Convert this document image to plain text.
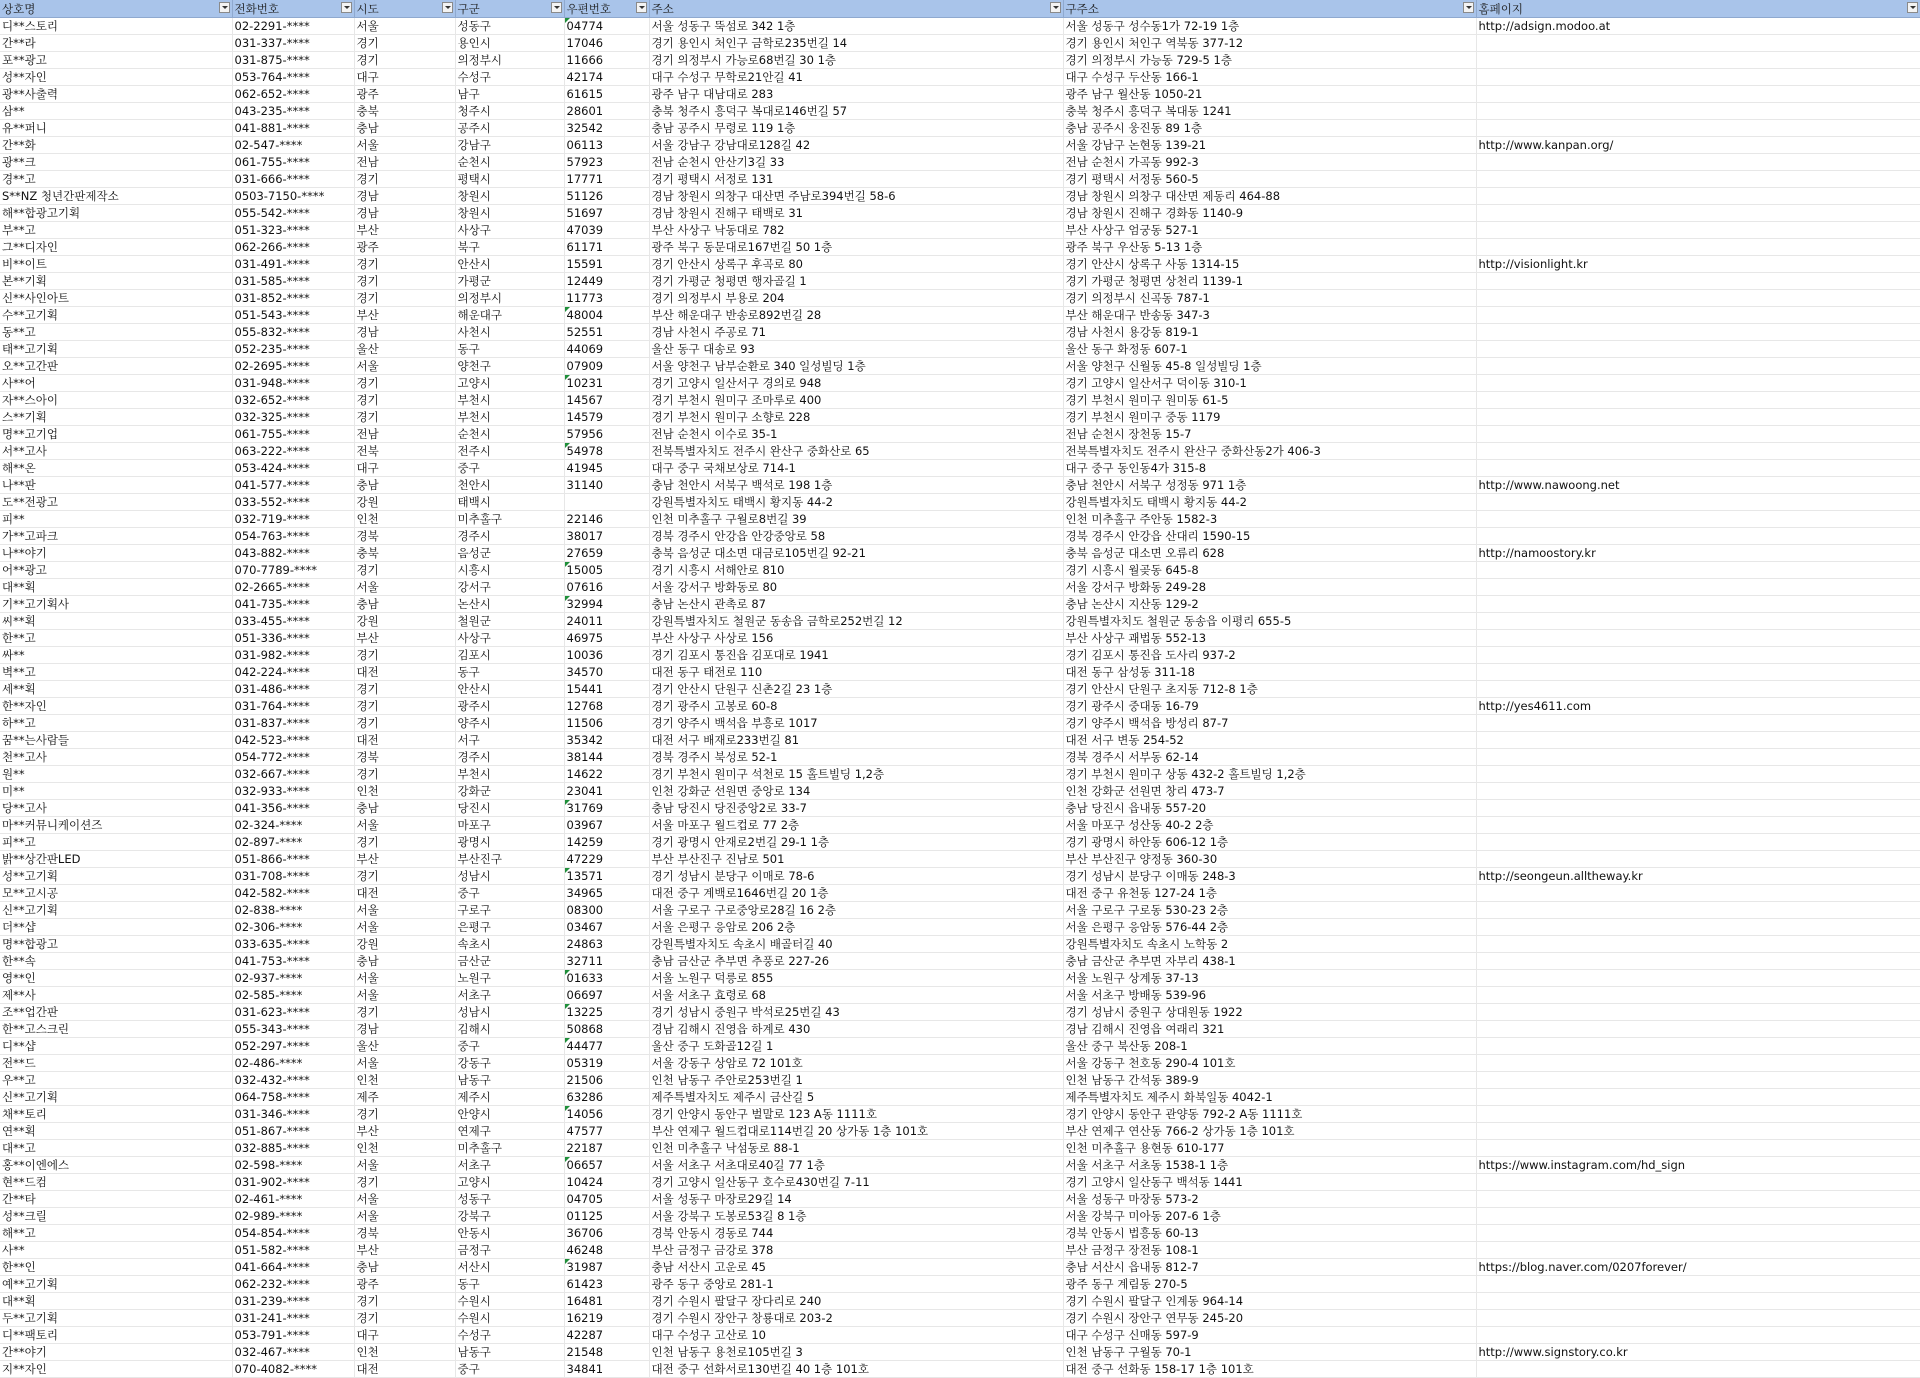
상호명	전화번호	시도	구군	우편번호	주소	구주소	홈페이지

디**스토리	02-2291-****	서울	성동구	04774	서울 성동구 뚝섬로 342 1층	서울 성동구 성수동1가 72-19 1층	http://adsign.modoo.at
간**라	031-337-****	경기	용인시	17046	경기 용인시 처인구 금학로235번길 14	경기 용인시 처인구 역북동 377-12	
포**광고	031-875-****	경기	의정부시	11666	경기 의정부시 가능로68번길 30 1층	경기 의정부시 가능동 729-5 1층	
성**자인	053-764-****	대구	수성구	42174	대구 수성구 무학로21안길 41	대구 수성구 두산동 166-1	
광**사출력	062-652-****	광주	남구	61615	광주 남구 대남대로 283	광주 남구 월산동 1050-21	
삼**	043-235-****	충북	청주시	28601	충북 청주시 흥덕구 복대로146번길 57	충북 청주시 흥덕구 복대동 1241	
유**퍼니	041-881-****	충남	공주시	32542	충남 공주시 무령로 119 1층	충남 공주시 웅진동 89 1층	
간**화	02-547-****	서울	강남구	06113	서울 강남구 강남대로128길 42	서울 강남구 논현동 139-21	http://www.kanpan.org/
광**크	061-755-****	전남	순천시	57923	전남 순천시 안산기3길 33	전남 순천시 가곡동 992-3	
경**고	031-666-****	경기	평택시	17771	경기 평택시 서정로 131	경기 평택시 서정동 560-5	
S**NZ 청년간판제작소	0503-7150-****	경남	창원시	51126	경남 창원시 의창구 대산면 주남로394번길 58-6	경남 창원시 의창구 대산면 제동리 464-88	
해**합광고기획	055-542-****	경남	창원시	51697	경남 창원시 진해구 태백로 31	경남 창원시 진해구 경화동 1140-9	
부**고	051-323-****	부산	사상구	47039	부산 사상구 낙동대로 782	부산 사상구 엄궁동 527-1	
그**디자인	062-266-****	광주	북구	61171	광주 북구 동문대로167번길 50 1층	광주 북구 우산동 5-13 1층	
비**이트	031-491-****	경기	안산시	15591	경기 안산시 상록구 후곡로 80	경기 안산시 상록구 사동 1314-15	http://visionlight.kr
본**기획	031-585-****	경기	가평군	12449	경기 가평군 청평면 행자골길 1	경기 가평군 청평면 상천리 1139-1	
신**사인아트	031-852-****	경기	의정부시	11773	경기 의정부시 부용로 204	경기 의정부시 신곡동 787-1	
수**고기획	051-543-****	부산	해운대구	48004	부산 해운대구 반송로892번길 28	부산 해운대구 반송동 347-3	
동**고	055-832-****	경남	사천시	52551	경남 사천시 주공로 71	경남 사천시 용강동 819-1	
태**고기획	052-235-****	울산	동구	44069	울산 동구 대송로 93	울산 동구 화정동 607-1	
오**고간판	02-2695-****	서울	양천구	07909	서울 양천구 남부순환로 340 일성빌딩 1층	서울 양천구 신월동 45-8 일성빌딩 1층	
사**어	031-948-****	경기	고양시	10231	경기 고양시 일산서구 경의로 948	경기 고양시 일산서구 덕이동 310-1	
자**스아이	032-652-****	경기	부천시	14567	경기 부천시 원미구 조마루로 400	경기 부천시 원미구 원미동 61-5	
스**기획	032-325-****	경기	부천시	14579	경기 부천시 원미구 소향로 228	경기 부천시 원미구 중동 1179	
명**고기업	061-755-****	전남	순천시	57956	전남 순천시 이수로 35-1	전남 순천시 장천동 15-7	
서**고사	063-222-****	전북	전주시	54978	전북특별자치도 전주시 완산구 중화산로 65	전북특별자치도 전주시 완산구 중화산동2가 406-3	
해**온	053-424-****	대구	중구	41945	대구 중구 국채보상로 714-1	대구 중구 동인동4가 315-8	
나**판	041-577-****	충남	천안시	31140	충남 천안시 서북구 백석로 198 1층	충남 천안시 서북구 성정동 971 1층	http://www.nawoong.net
도**전광고	033-552-****	강원	태백시		강원특별자치도 태백시 황지동 44-2	강원특별자치도 태백시 황지동 44-2	
피**	032-719-****	인천	미추홀구	22146	인천 미추홀구 구월로8번길 39	인천 미추홀구 주안동 1582-3	
가**고파크	054-763-****	경북	경주시	38017	경북 경주시 안강읍 안강중앙로 58	경북 경주시 안강읍 산대리 1590-15	
나**야기	043-882-****	충북	음성군	27659	충북 음성군 대소면 대금로105번길 92-21	충북 음성군 대소면 오류리 628	http://namoostory.kr
어**광고	070-7789-****	경기	시흥시	15005	경기 시흥시 서해안로 810	경기 시흥시 월곶동 645-8	
대**획	02-2665-****	서울	강서구	07616	서울 강서구 방화동로 80	서울 강서구 방화동 249-28	
기**고기획사	041-735-****	충남	논산시	32994	충남 논산시 관촉로 87	충남 논산시 지산동 129-2	
씨**획	033-455-****	강원	철원군	24011	강원특별자치도 철원군 동송읍 금학로252번길 12	강원특별자치도 철원군 동송읍 이평리 655-5	
한**고	051-336-****	부산	사상구	46975	부산 사상구 사상로 156	부산 사상구 괘법동 552-13	
싸**	031-982-****	경기	김포시	10036	경기 김포시 통진읍 김포대로 1941	경기 김포시 통진읍 도사리 937-2	
벽**고	042-224-****	대전	동구	34570	대전 동구 태전로 110	대전 동구 삼성동 311-18	
세**획	031-486-****	경기	안산시	15441	경기 안산시 단원구 신촌2길 23 1층	경기 안산시 단원구 초지동 712-8 1층	
한**자인	031-764-****	경기	광주시	12768	경기 광주시 고봉로 60-8	경기 광주시 중대동 16-79	http://yes4611.com
하**고	031-837-****	경기	양주시	11506	경기 양주시 백석읍 부흥로 1017	경기 양주시 백석읍 방성리 87-7	
꿈**는사람들	042-523-****	대전	서구	35342	대전 서구 배재로233번길 81	대전 서구 변동 254-52	
천**고사	054-772-****	경북	경주시	38144	경북 경주시 북성로 52-1	경북 경주시 서부동 62-14	
원**	032-667-****	경기	부천시	14622	경기 부천시 원미구 석천로 15 홀트빌딩 1,2층	경기 부천시 원미구 상동 432-2 홀트빌딩 1,2층	
미**	032-933-****	인천	강화군	23041	인천 강화군 선원면 중앙로 134	인천 강화군 선원면 창리 473-7	
당**고사	041-356-****	충남	당진시	31769	충남 당진시 당진중앙2로 33-7	충남 당진시 읍내동 557-20	
마**커뮤니케이션즈	02-324-****	서울	마포구	03967	서울 마포구 월드컵로 77 2층	서울 마포구 성산동 40-2 2층	
피**고	02-897-****	경기	광명시	14259	경기 광명시 안재로2번길 29-1 1층	경기 광명시 하안동 606-12 1층	
밝**상간판LED	051-866-****	부산	부산진구	47229	부산 부산진구 진남로 501	부산 부산진구 양정동 360-30	
성**고기획	031-708-****	경기	성남시	13571	경기 성남시 분당구 이매로 78-6	경기 성남시 분당구 이매동 248-3	http://seongeun.alltheway.kr
모**고시공	042-582-****	대전	중구	34965	대전 중구 계백로1646번길 20 1층	대전 중구 유천동 127-24 1층	
신**고기획	02-838-****	서울	구로구	08300	서울 구로구 구로중앙로28길 16 2층	서울 구로구 구로동 530-23 2층	
더**샵	02-306-****	서울	은평구	03467	서울 은평구 응암로 206 2층	서울 은평구 응암동 576-44 2층	
명**합광고	033-635-****	강원	속초시	24863	강원특별자치도 속초시 배골터길 40	강원특별자치도 속초시 노학동 2	
한**속	041-753-****	충남	금산군	32711	충남 금산군 추부면 추풍로 227-26	충남 금산군 추부면 자부리 438-1	
영**인	02-937-****	서울	노원구	01633	서울 노원구 덕릉로 855	서울 노원구 상계동 37-13	
제**사	02-585-****	서울	서초구	06697	서울 서초구 효령로 68	서울 서초구 방배동 539-96	
조**업간판	031-623-****	경기	성남시	13225	경기 성남시 중원구 박석로25번길 43	경기 성남시 중원구 상대원동 1922	
한**고스크린	055-343-****	경남	김해시	50868	경남 김해시 진영읍 하계로 430	경남 김해시 진영읍 여래리 321	
디**샵	052-297-****	울산	중구	44477	울산 중구 도화골12길 1	울산 중구 북산동 208-1	
전**드	02-486-****	서울	강동구	05319	서울 강동구 상암로 72 101호	서울 강동구 천호동 290-4 101호	
우**고	032-432-****	인천	남동구	21506	인천 남동구 주안로253번길 1	인천 남동구 간석동 389-9	
신**고기획	064-758-****	제주	제주시	63286	제주특별자치도 제주시 금산길 5	제주특별자치도 제주시 화북일동 4042-1	
채**토리	031-346-****	경기	안양시	14056	경기 안양시 동안구 벌말로 123 A동 1111호	경기 안양시 동안구 관양동 792-2 A동 1111호	
연**획	051-867-****	부산	연제구	47577	부산 연제구 월드컵대로114번길 20 상가동 1층 101호	부산 연제구 연산동 766-2 상가동 1층 101호	
대**고	032-885-****	인천	미추홀구	22187	인천 미추홀구 낙섬동로 88-1	인천 미추홀구 용현동 610-177	
홍**이엔에스	02-598-****	서울	서초구	06657	서울 서초구 서초대로40길 77 1층	서울 서초구 서초동 1538-1 1층	https://www.instagram.com/hd_sign
현**드컴	031-902-****	경기	고양시	10424	경기 고양시 일산동구 호수로430번길 7-11	경기 고양시 일산동구 백석동 1441	
간**타	02-461-****	서울	성동구	04705	서울 성동구 마장로29길 14	서울 성동구 마장동 573-2	
성**크릴	02-989-****	서울	강북구	01125	서울 강북구 도봉로53길 8 1층	서울 강북구 미아동 207-6 1층	
해**고	054-854-****	경북	안동시	36706	경북 안동시 경동로 744	경북 안동시 법흥동 60-13	
사**	051-582-****	부산	금정구	46248	부산 금정구 금강로 378	부산 금정구 장전동 108-1	
한**인	041-664-****	충남	서산시	31987	충남 서산시 고운로 45	충남 서산시 읍내동 812-7	https://blog.naver.com/0207forever/
예**고기획	062-232-****	광주	동구	61423	광주 동구 중앙로 281-1	광주 동구 계림동 270-5	
대**획	031-239-****	경기	수원시	16481	경기 수원시 팔달구 장다리로 240	경기 수원시 팔달구 인계동 964-14	
두**고기획	031-241-****	경기	수원시	16219	경기 수원시 장안구 창룡대로 203-2	경기 수원시 장안구 연무동 245-20	
디**팩토리	053-791-****	대구	수성구	42287	대구 수성구 고산로 10	대구 수성구 신매동 597-9	
간**야기	032-467-****	인천	남동구	21548	인천 남동구 용천로105번길 3	인천 남동구 구월동 70-1	http://www.signstory.co.kr
지**자인	070-4082-****	대전	중구	34841	대전 중구 선화서로130번길 40 1층 101호	대전 중구 선화동 158-17 1층 101호	
